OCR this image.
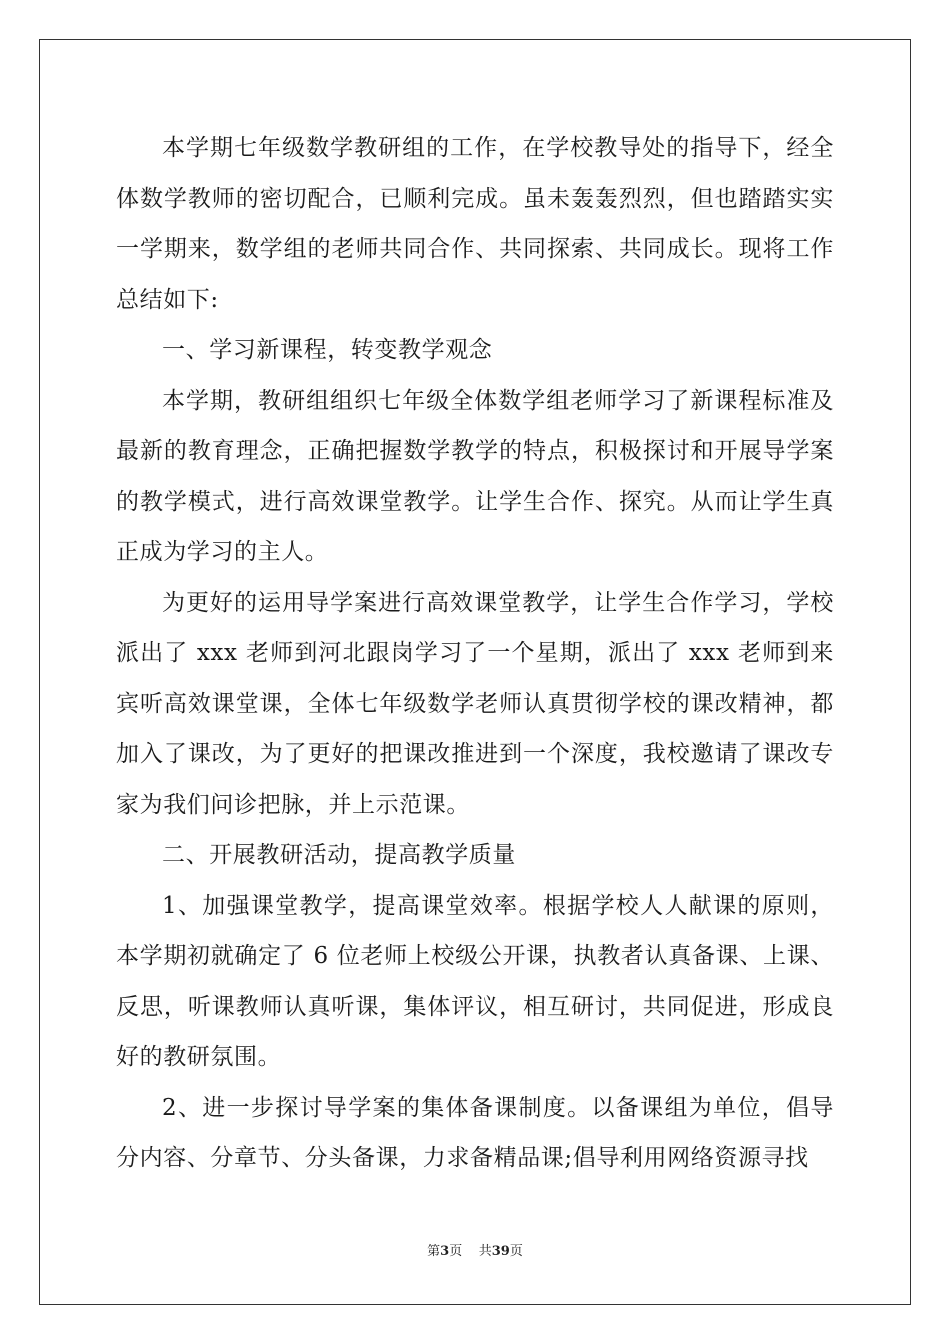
本学期七年级数学教研组的工作，在学校教导处的指导下，经全体数学教师的密切配合，已顺利完成。虽未轰轰烈烈，但也踏踏实实一学期来，数学组的老师共同合作、共同探索、共同成长。现将工作总结如下:

一、学习新课程，转变教学观念

本学期，教研组组织七年级全体数学组老师学习了新课程标准及最新的教育理念，正确把握数学教学的特点，积极探讨和开展导学案的教学模式，进行高效课堂教学。让学生合作、探究。从而让学生真正成为学习的主人。

为更好的运用导学案进行高效课堂教学，让学生合作学习，学校派出了 xxx 老师到河北跟岗学习了一个星期，派出了 xxx 老师到来宾听高效课堂课，全体七年级数学老师认真贯彻学校的课改精神，都加入了课改，为了更好的把课改推进到一个深度，我校邀请了课改专家为我们问诊把脉，并上示范课。

二、开展教研活动，提高教学质量

1、加强课堂教学，提高课堂效率。根据学校人人献课的原则，本学期初就确定了 6 位老师上校级公开课，执教者认真备课、上课、反思，听课教师认真听课，集体评议，相互研讨，共同促进，形成良好的教研氛围。

2、进一步探讨导学案的集体备课制度。以备课组为单位，倡导分内容、分章节、分头备课，力求备精品课;倡导利用网络资源寻找

第3页 共39页
